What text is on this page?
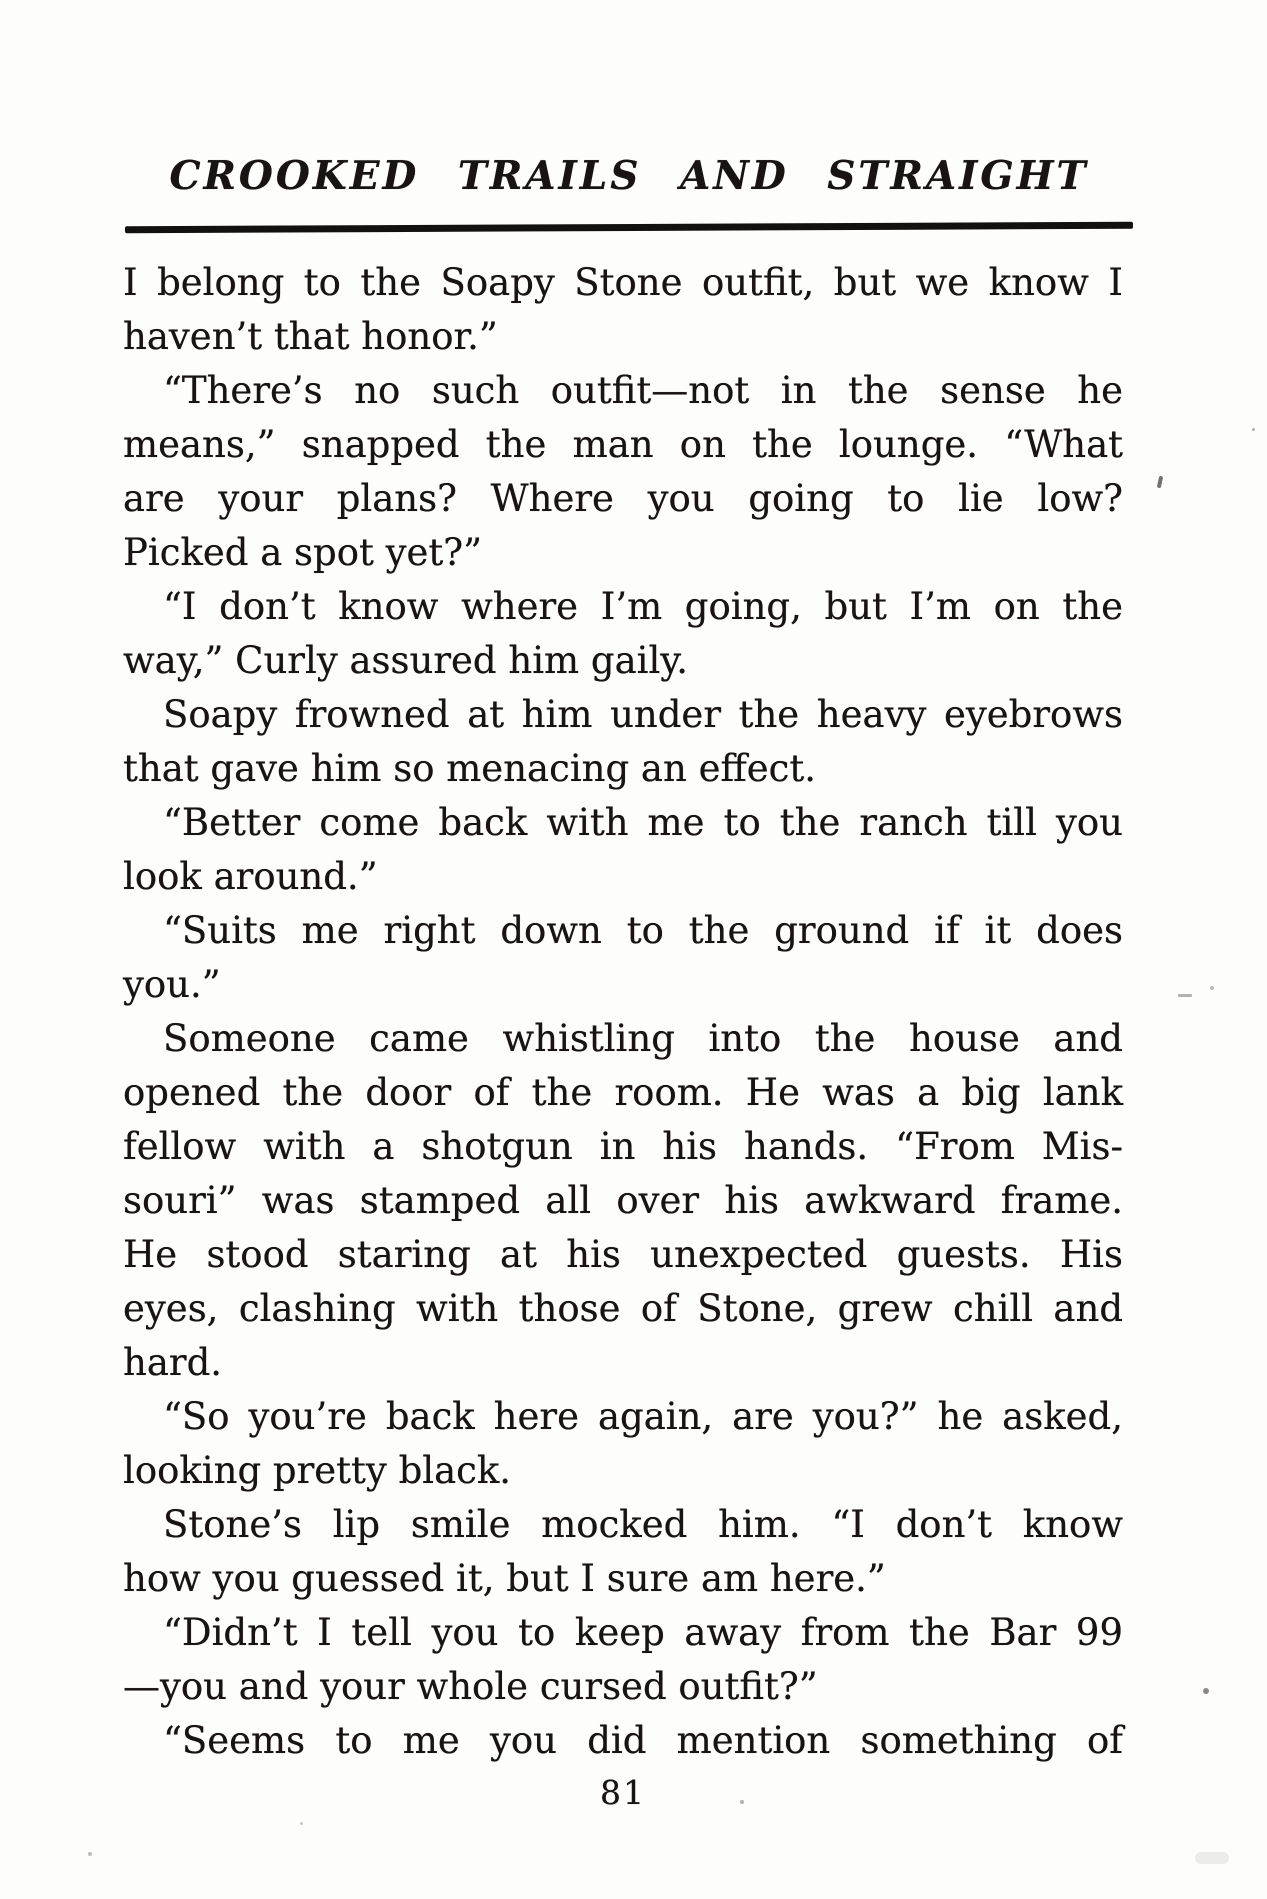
CROOKED TRAILS AND STRAIGHT
I belong to the Soapy Stone outfit, but we know I
haven’t that honor.”
“There’s no such outfit—not in the sense he
means,” snapped the man on the lounge. “What
are your plans? Where you going to lie low?
Picked a spot yet?”
“I don’t know where I’m going, but I’m on the
way,” Curly assured him gaily.
Soapy frowned at him under the heavy eyebrows
that gave him so menacing an effect.
“Better come back with me to the ranch till you
look around.”
“Suits me right down to the ground if it does
you.”
Someone came whistling into the house and
opened the door of the room. He was a big lank
fellow with a shotgun in his hands. “From Mis-
souri” was stamped all over his awkward frame.
He stood staring at his unexpected guests. His
eyes, clashing with those of Stone, grew chill and
hard.
“So you’re back here again, are you?” he asked,
looking pretty black.
Stone’s lip smile mocked him. “I don’t know
how you guessed it, but I sure am here.”
“Didn’t I tell you to keep away from the Bar 99
—you and your whole cursed outfit?”
“Seems to me you did mention something of
81
